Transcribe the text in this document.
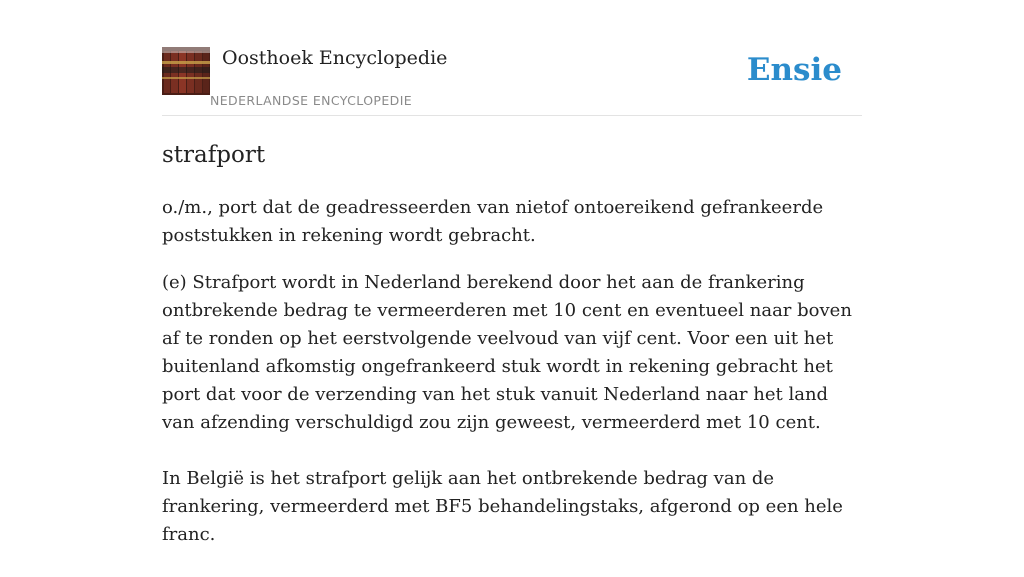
Oosthoek Encyclopedie
NEDERLANDSE ENCYCLOPEDIE
Ensie
strafport

o./m., port dat de geadresseerden van nietof ontoereikend gefrankeerde poststukken in rekening wordt gebracht.

(e) Strafport wordt in Nederland berekend door het aan de frankering ontbrekende bedrag te vermeerderen met 10 cent en eventueel naar boven af te ronden op het eerstvolgende veelvoud van vijf cent. Voor een uit het buitenland afkomstig ongefrankeerd stuk wordt in rekening gebracht het port dat voor de verzending van het stuk vanuit Nederland naar het land van afzending verschuldigd zou zijn geweest, vermeerderd met 10 cent.

In België is het strafport gelijk aan het ontbrekende bedrag van de frankering, vermeerderd met BF5 behandelingstaks, afgerond op een hele franc.
